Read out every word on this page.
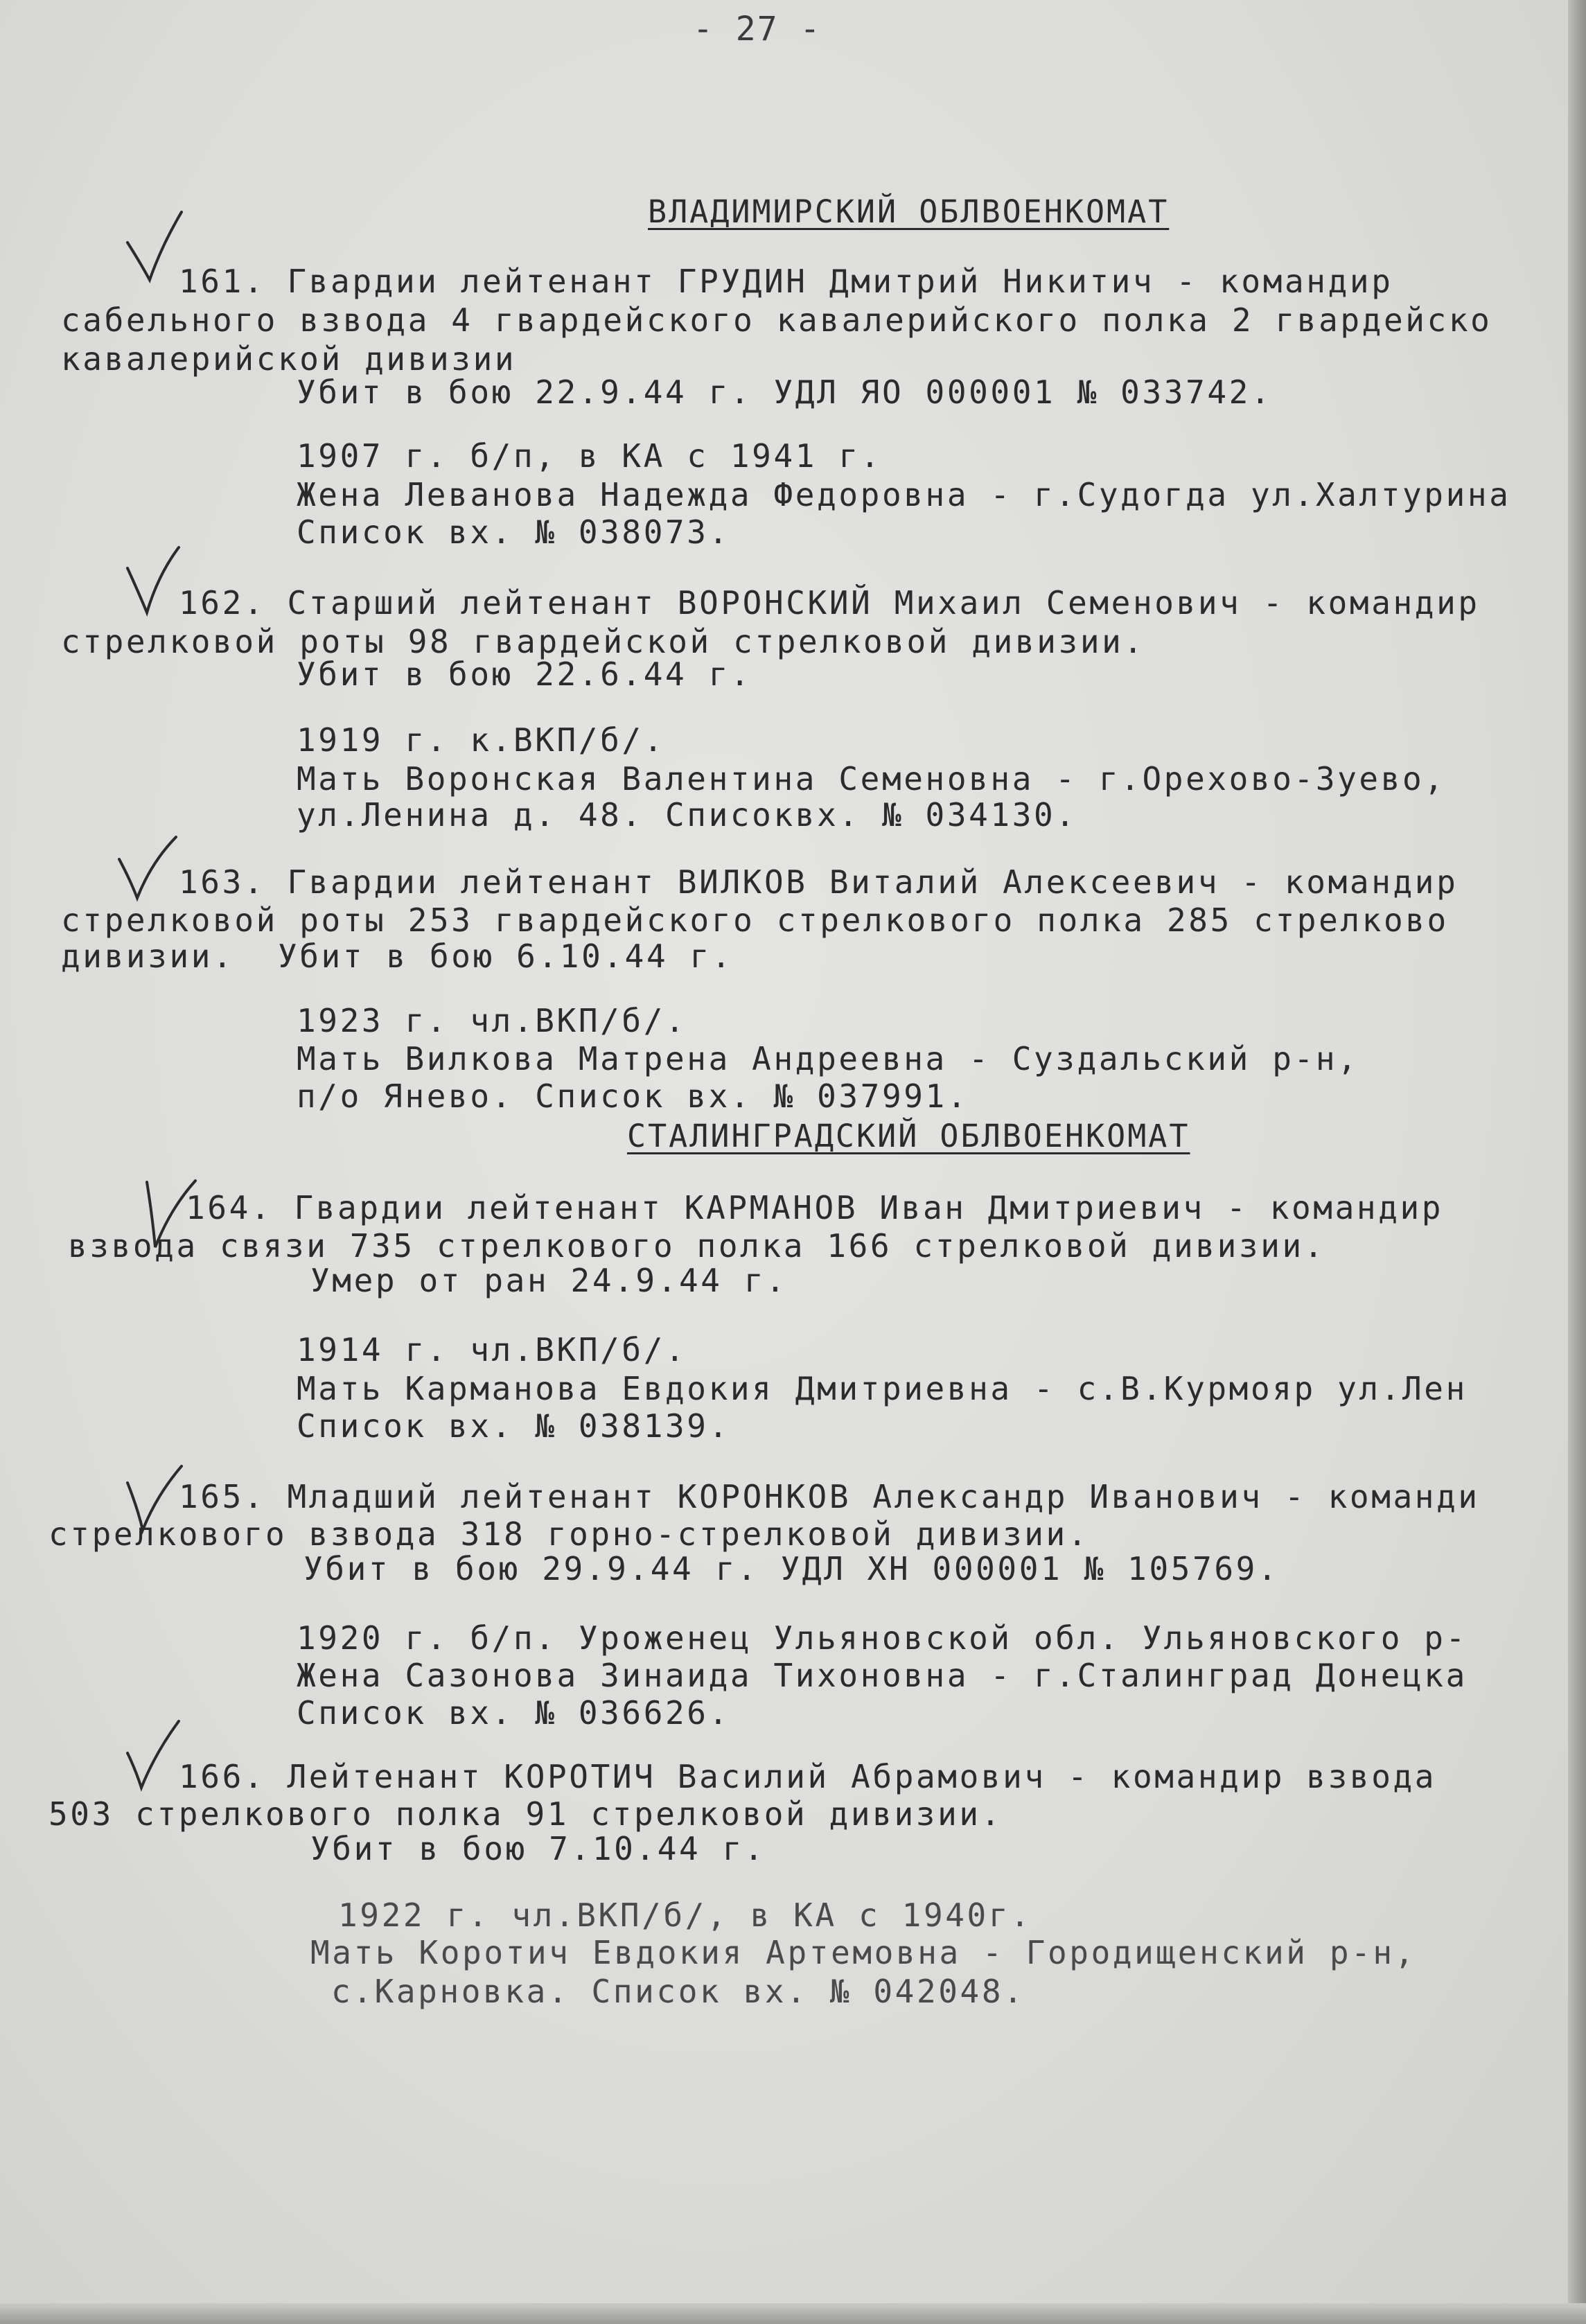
- 27 -
ВЛАДИМИРСКИЙ ОБЛВОЕНКОМАТ
161. Гвардии лейтенант ГРУДИН Дмитрий Никитич - командир
сабельного взвода 4 гвардейского кавалерийского полка 2 гвардейско
кавалерийской дивизии
Убит в бою 22.9.44 г. УДЛ ЯО 000001 № 033742.
1907 г. б/п, в КА с 1941 г.
Жена Леванова Надежда Федоровна - г.Судогда ул.Халтурина
Список вх. № 038073.
162. Старший лейтенант ВОРОНСКИЙ Михаил Семенович - командир
стрелковой роты 98 гвардейской стрелковой дивизии.
Убит в бою 22.6.44 г.
1919 г. к.ВКП/б/.
Мать Воронская Валентина Семеновна - г.Орехово-Зуево,
ул.Ленина д. 48. Списоквх. № 034130.
163. Гвардии лейтенант ВИЛКОВ Виталий Алексеевич - командир
стрелковой роты 253 гвардейского стрелкового полка 285 стрелково
дивизии.  Убит в бою 6.10.44 г.
1923 г. чл.ВКП/б/.
Мать Вилкова Матрена Андреевна - Суздальский р-н,
п/о Янево. Список вх. № 037991.
СТАЛИНГРАДСКИЙ ОБЛВОЕНКОМАТ
164. Гвардии лейтенант КАРМАНОВ Иван Дмитриевич - командир
взвода связи 735 стрелкового полка 166 стрелковой дивизии.
Умер от ран 24.9.44 г.
1914 г. чл.ВКП/б/.
Мать Карманова Евдокия Дмитриевна - с.В.Курмояр ул.Лен
Список вх. № 038139.
165. Младший лейтенант КОРОНКОВ Александр Иванович - команди
стрелкового взвода 318 горно-стрелковой дивизии.
Убит в бою 29.9.44 г. УДЛ ХН 000001 № 105769.
1920 г. б/п. Уроженец Ульяновской обл. Ульяновского р-
Жена Сазонова Зинаида Тихоновна - г.Сталинград Донецка
Список вх. № 036626.
166. Лейтенант КОРОТИЧ Василий Абрамович - командир взвода
503 стрелкового полка 91 стрелковой дивизии.
Убит в бою 7.10.44 г.
1922 г. чл.ВКП/б/, в КА с 1940г.
Мать Коротич Евдокия Артемовна - Городищенский р-н,
с.Карновка. Список вх. № 042048.
